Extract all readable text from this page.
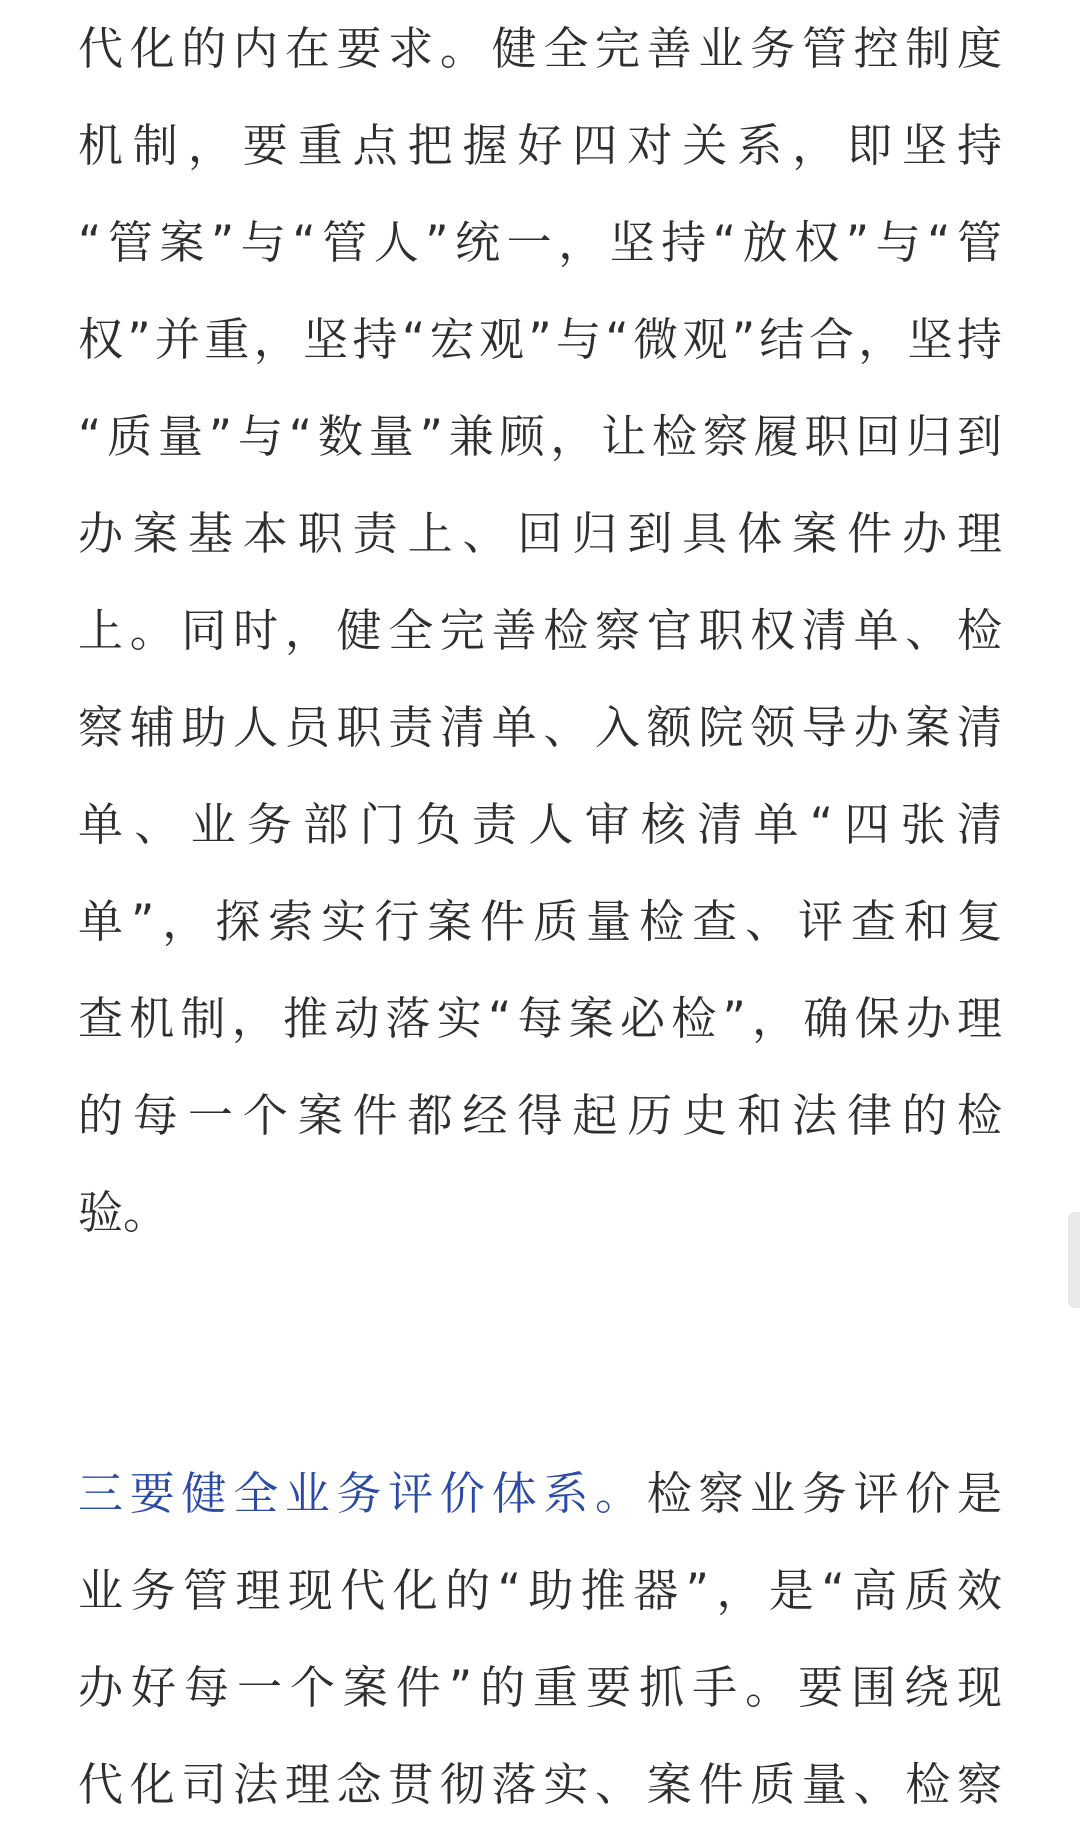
代化的内在要求。健全完善业务管控制度
机制，要重点把握好四对关系，即坚持
“管案”与“管人”统一，坚持“放权”与“管
权”并重，坚持“宏观”与“微观”结合，坚持
“质量”与“数量”兼顾，让检察履职回归到
办案基本职责上、回归到具体案件办理
上。同时，健全完善检察官职权清单、检
察辅助人员职责清单、入额院领导办案清
单、业务部门负责人审核清单“四张清
单”，探索实行案件质量检查、评查和复
查机制，推动落实“每案必检”，确保办理
的每一个案件都经得起历史和法律的检
验。
三要健全业务评价体系。检察业务评价是
业务管理现代化的“助推器”，是“高质效
办好每一个案件”的重要抓手。要围绕现
代化司法理念贯彻落实、案件质量、检察
